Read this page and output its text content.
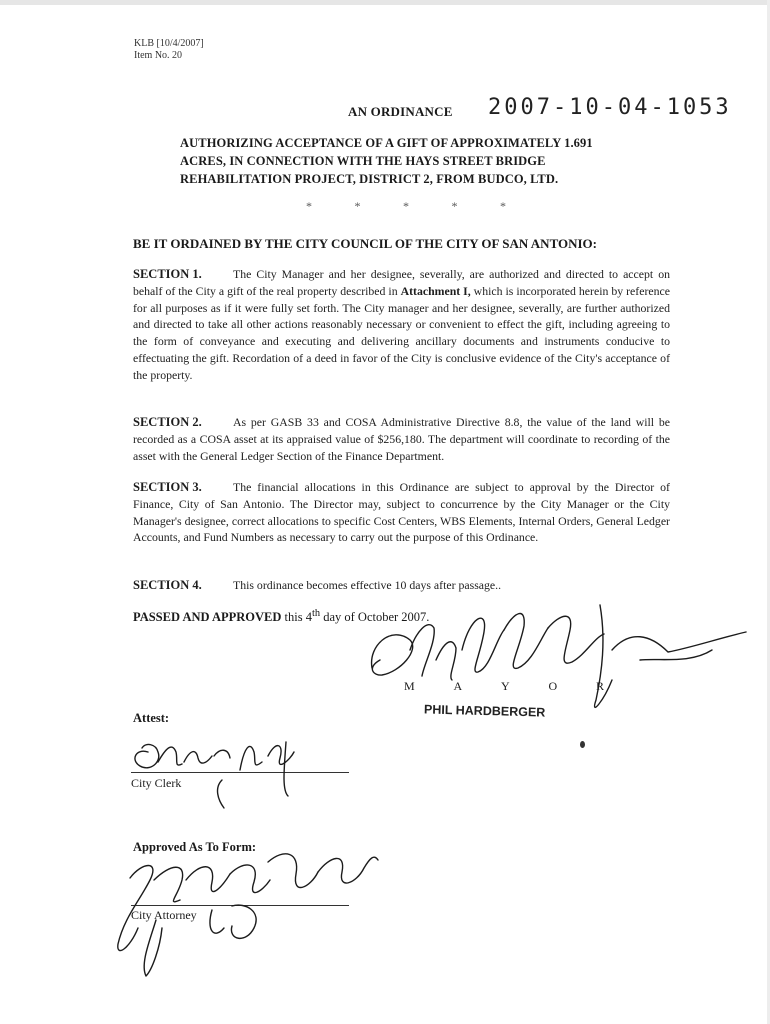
KLB [10/4/2007]
Item No. 20
AN ORDINANCE 2007-10-04-1053
AUTHORIZING ACCEPTANCE OF A GIFT OF APPROXIMATELY 1.691 ACRES, IN CONNECTION WITH THE HAYS STREET BRIDGE REHABILITATION PROJECT, DISTRICT 2, FROM BUDCO, LTD.
*	*	*	*	*
BE IT ORDAINED BY THE CITY COUNCIL OF THE CITY OF SAN ANTONIO:
SECTION 1.	The City Manager and her designee, severally, are authorized and directed to accept on behalf of the City a gift of the real property described in Attachment I, which is incorporated herein by reference for all purposes as if it were fully set forth. The City manager and her designee, severally, are further authorized and directed to take all other actions reasonably necessary or convenient to effect the gift, including agreeing to the form of conveyance and executing and delivering ancillary documents and instruments conducive to effectuating the gift. Recordation of a deed in favor of the City is conclusive evidence of the City's acceptance of the property.
SECTION 2.	As per GASB 33 and COSA Administrative Directive 8.8, the value of the land will be recorded as a COSA asset at its appraised value of $256,180. The department will coordinate to recording of the asset with the General Ledger Section of the Finance Department.
SECTION 3.	The financial allocations in this Ordinance are subject to approval by the Director of Finance, City of San Antonio. The Director may, subject to concurrence by the City Manager or the City Manager's designee, correct allocations to specific Cost Centers, WBS Elements, Internal Orders, General Ledger Accounts, and Fund Numbers as necessary to carry out the purpose of this Ordinance.
SECTION 4.	This ordinance becomes effective 10 days after passage..
PASSED AND APPROVED this 4th day of October 2007.
M	A	Y	O	R
PHIL HARDBERGER
Attest:
City Clerk
Approved As To Form:
City Attorney
